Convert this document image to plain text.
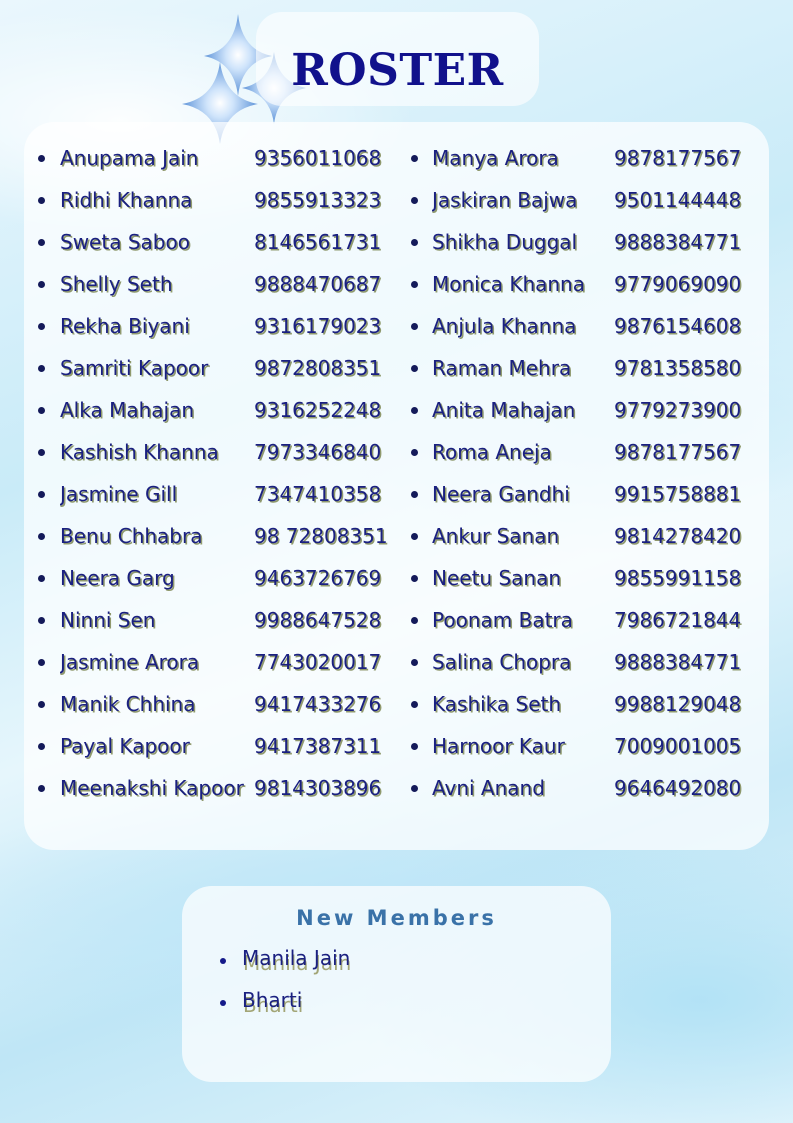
ROSTER
Anupama Jain	9356011068
Ridhi Khanna	9855913323
Sweta Saboo	8146561731
Shelly Seth	9888470687
Rekha Biyani	9316179023
Samriti Kapoor	9872808351
Alka Mahajan	9316252248
Kashish Khanna	7973346840
Jasmine Gill	7347410358
Benu Chhabra	98 72808351
Neera Garg	9463726769
Ninni Sen	9988647528
Jasmine Arora	7743020017
Manik Chhina	9417433276
Payal Kapoor	9417387311
Meenakshi Kapoor 9814303896
Manya Arora	9878177567
Jaskiran Bajwa	9501144448
Shikha Duggal	9888384771
Monica Khanna	9779069090
Anjula Khanna	9876154608
Raman Mehra	9781358580
Anita Mahajan	9779273900
Roma Aneja	9878177567
Neera Gandhi	9915758881
Ankur Sanan	9814278420
Neetu Sanan	9855991158
Poonam Batra	7986721844
Salina Chopra	9888384771
Kashika Seth	9988129048
Harnoor Kaur	7009001005
Avni Anand	9646492080
New Members
Manila Jain
Bharti
